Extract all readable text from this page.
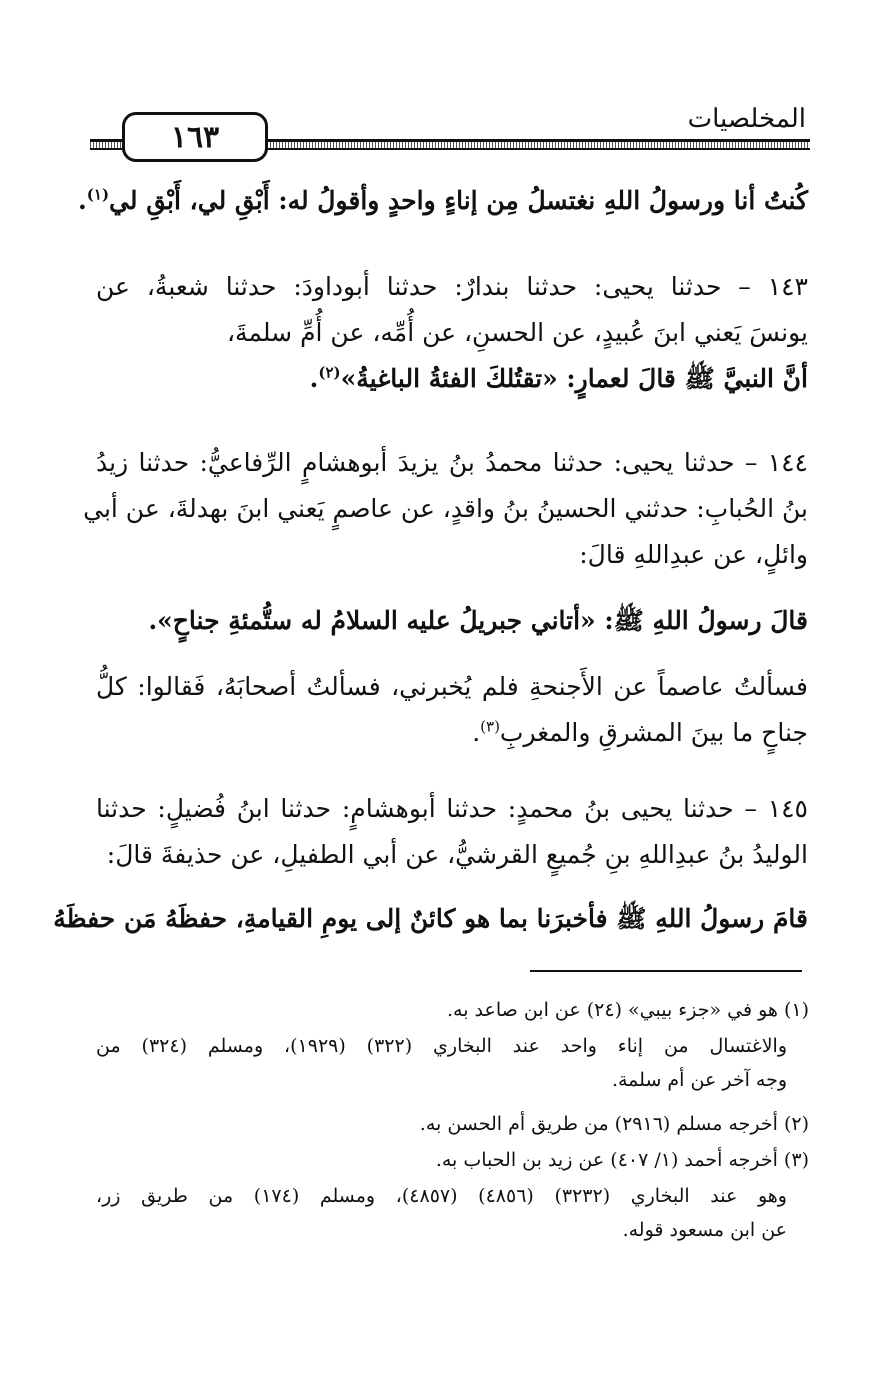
١٦٣
المخلصيات
كُنتُ أنا ورسولُ اللهِ نغتسلُ مِن إناءٍ واحدٍ وأقولُ له: أَبْقِ لي، أَبْقِ لي$^{(١)}$.
١٤٣ – حدثنا يحيى: حدثنا بندارٌ: حدثنا أبوداودَ: حدثنا شعبةُ، عن
يونسَ يَعني ابنَ عُبيدٍ، عن الحسنِ، عن أُمِّه، عن أُمِّ سلمةَ،
أنَّ النبيَّ ﷺ قالَ لعمارٍ: «تقتُلكَ الفئةُ الباغيةُ»$^{(٢)}$.
١٤٤ – حدثنا يحيى: حدثنا محمدُ بنُ يزيدَ أبوهشامٍ الرِّفاعيُّ: حدثنا زيدُ
بنُ الحُبابِ: حدثني الحسينُ بنُ واقدٍ، عن عاصمٍ يَعني ابنَ بهدلةَ، عن أبي
وائلٍ، عن عبدِاللهِ قالَ:
قالَ رسولُ اللهِ ﷺ: «أتاني جبريلُ عليه السلامُ له ستُّمئةِ جناحٍ».
فسألتُ عاصماً عن الأَجنحةِ فلم يُخبرني، فسألتُ أصحابَهُ، فَقالوا: كلُّ
جناحٍ ما بينَ المشرقِ والمغربِ$^{(٣)}$.
١٤٥ – حدثنا يحيى بنُ محمدٍ: حدثنا أبوهشامٍ: حدثنا ابنُ فُضيلٍ: حدثنا
الوليدُ بنُ عبدِاللهِ بنِ جُميعٍ القرشيُّ، عن أبي الطفيلِ، عن حذيفةَ قالَ:
قامَ رسولُ اللهِ ﷺ فأخبرَنا بما هو كائنٌ إلى يومِ القيامةِ، حفظَهُ مَن حفظَهُ
(١) هو في «جزء بيبي» (٢٤) عن ابن صاعد به.
والاغتسال من إناء واحد عند البخاري (٣٢٢) (١٩٢٩)، ومسلم (٣٢٤) من
وجه آخر عن أم سلمة.
(٢) أخرجه مسلم (٢٩١٦) من طريق أم الحسن به.
(٣) أخرجه أحمد (١/ ٤٠٧) عن زيد بن الحباب به.
وهو عند البخاري (٣٢٣٢) (٤٨٥٦) (٤٨٥٧)، ومسلم (١٧٤) من طريق زر،
عن ابن مسعود قوله.
